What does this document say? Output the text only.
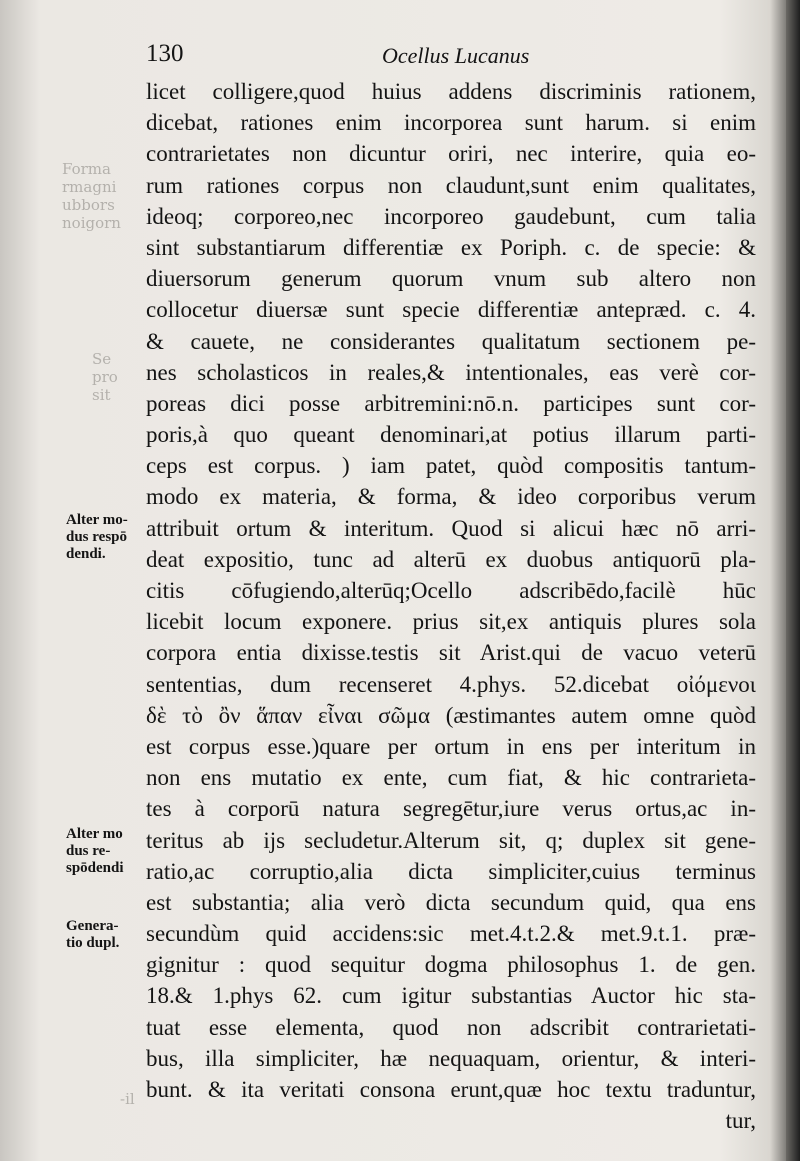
Forma
rmagni
ubbors
noigorn
Se
pro
sit
-il
130	Ocellus Lucanus
Alter mo-
dus respō
dendi.
Alter mo
dus re-
spōdendi
Genera-
tio dupl.
licet colligere,quod huius addens discriminis rationem,
dicebat, rationes enim incorporea sunt harum. si enim
contrarietates non dicuntur oriri, nec interire, quia eo-
rum rationes corpus non claudunt,sunt enim qualitates,
ideoq; corporeo,nec incorporeo gaudebunt, cum talia
sint substantiarum differentiæ ex Poriph. c. de specie: &
diuersorum generum quorum vnum sub altero non
collocetur diuersæ sunt specie differentiæ antepræd. c. 4.
& cauete, ne considerantes qualitatum sectionem pe-
nes scholasticos in reales,& intentionales, eas verè cor-
poreas dici posse arbitremini:nō.n. participes sunt cor-
poris,à quo queant denominari,at potius illarum parti-
ceps est corpus. ) iam patet, quòd compositis tantum-
modo ex materia, & forma, & ideo corporibus verum
attribuit ortum & interitum. Quod si alicui hæc nō arri-
deat expositio, tunc ad alterū ex duobus antiquorū pla-
citis cōfugiendo,alterūq;Ocello adscribēdo,facilè hūc
licebit locum exponere. prius sit,ex antiquis plures sola
corpora entia dixisse.testis sit Arist.qui de vacuo veterū
sententias, dum recenseret 4.phys. 52.dicebat οἰόμενοι
δὲ τὸ ὂν ἅπαν εἶναι σῶμα (æstimantes autem omne quòd
est corpus esse.)quare per ortum in ens per interitum in
non ens mutatio ex ente, cum fiat, & hic contrarieta-
tes à corporū natura segregētur,iure verus ortus,ac in-
teritus ab ijs secludetur.Alterum sit, q; duplex sit gene-
ratio,ac corruptio,alia dicta simpliciter,cuius terminus
est substantia; alia verò dicta secundum quid, qua ens
secundùm quid accidens:sic met.4.t.2.& met.9.t.1. præ-
gignitur : quod sequitur dogma philosophus 1. de gen.
18.& 1.phys 62. cum igitur substantias Auctor hic sta-
tuat esse elementa, quod non adscribit contrarietati-
bus, illa simpliciter, hæ nequaquam, orientur, & interi-
bunt. & ita veritati consona erunt,quæ hoc textu traduntur,
tur,
